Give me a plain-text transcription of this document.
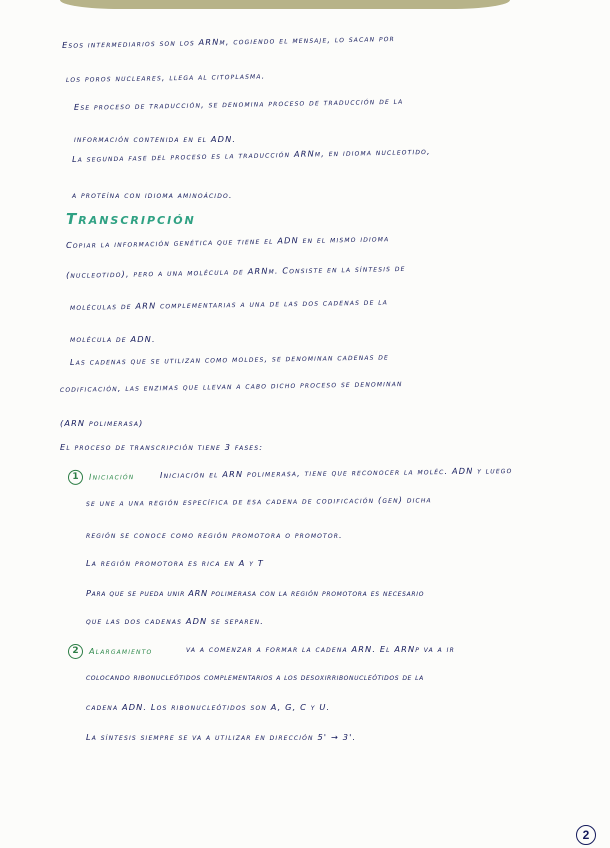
Esos intermediarios son los ARNm, cogiendo el mensaje, lo sacan por
los poros nucleares, llega al citoplasma.
Ese proceso de traducción, se denomina proceso de traducción de la
información contenida en el ADN.
La segunda fase del proceso es la traducción ARNm, en idioma nucleotido,
a proteína con idioma aminoácido.
Transcripción
Copiar la información genética que tiene el ADN en el mismo idioma
(nucleotido), pero a una molécula de ARNm. Consiste en la síntesis de
moléculas de ARN complementarias a una de las dos cadenas de la
molécula de ADN.
Las cadenas que se utilizan como moldes, se denominan cadenas de
codificación, las enzimas que llevan a cabo dicho proceso se denominan
(ARN polimerasa)
El proceso de transcripción tiene 3 fases:
1 Iniciación	Iniciación el ARN polimerasa, tiene que reconocer la moléc. ADN y luego
se une a una región específica de esa cadena de codificación (gen) dicha
región se conoce como región promotora o promotor.
La región promotora es rica en A y T
Para que se pueda unir ARN polimerasa con la región promotora es necesario
que las dos cadenas ADN se separen.
2 Alargamiento	va a comenzar a formar la cadena ARN. El ARNp va a ir
colocando ribonucleótidos complementarios a los desoxirribonucleótidos de la
cadena ADN. Los ribonucleótidos son A, G, C y U.
La síntesis siempre se va a utilizar en dirección 5' → 3'.
2
